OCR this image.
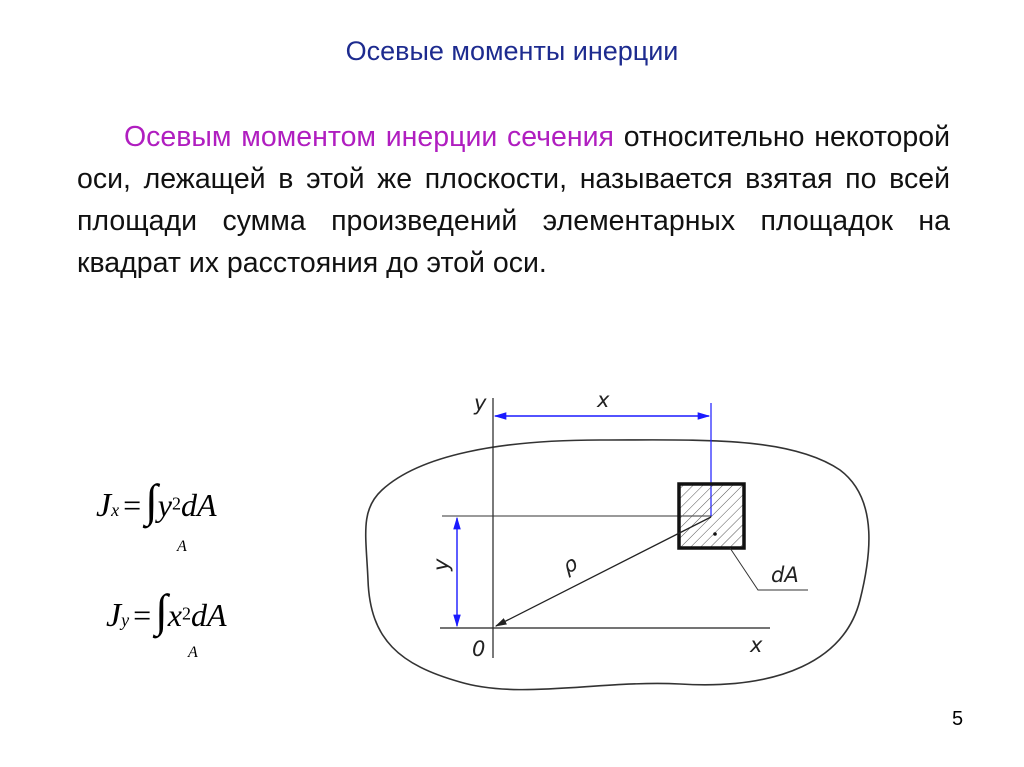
Осевые моменты инерции
Осевым моментом инерции сечения относительно некоторой оси, лежащей в этой же плоскости, называется взятая по всей площади сумма произведений элементарных площадок на квадрат их расстояния до этой оси.
$Jx = \int y^2dA$
A
$Jy = \int x^2dA$
A
y	x
y	ρ
0	x
dA
5
